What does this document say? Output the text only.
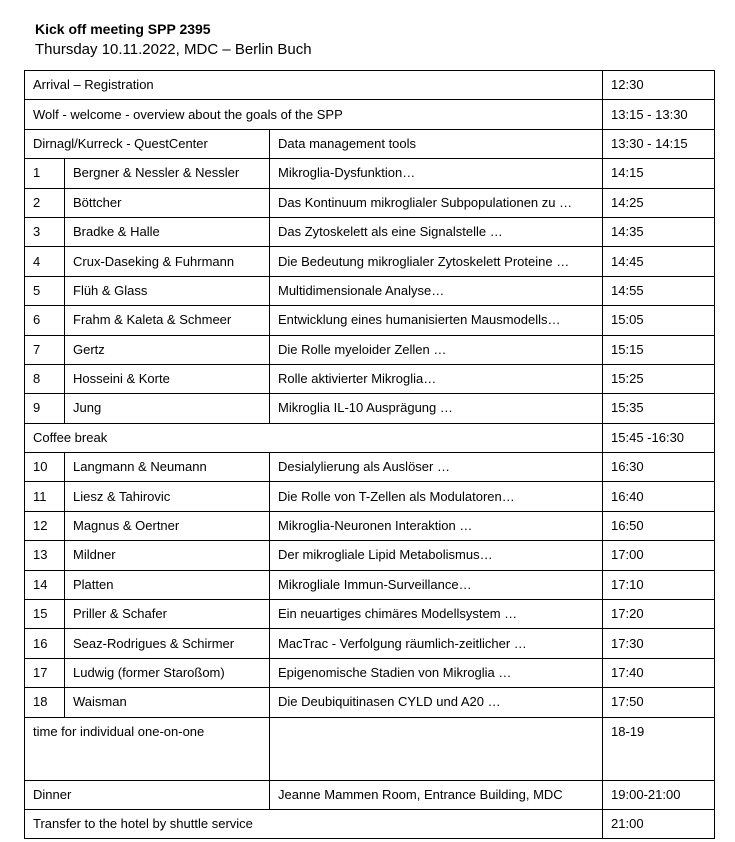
Kick off meeting SPP 2395
Thursday 10.11.2022, MDC – Berlin Buch
Arrival – Registration			12:30
Wolf - welcome - overview about the goals of the SPP			13:15 - 13:30
Dirnagl/Kurreck - QuestCenter		Data management tools	13:30 - 14:15
1	Bergner & Nessler & Nessler	Mikroglia-Dysfunktion…	14:15
2	Böttcher	Das Kontinuum mikroglialer Subpopulationen zu …	14:25
3	Bradke & Halle	Das Zytoskelett als eine Signalstelle …	14:35
4	Crux-Daseking & Fuhrmann	Die Bedeutung mikroglialer Zytoskelett Proteine …	14:45
5	Flüh & Glass	Multidimensionale Analyse…	14:55
6	Frahm & Kaleta & Schmeer	Entwicklung eines humanisierten Mausmodells…	15:05
7	Gertz	Die Rolle myeloider Zellen …	15:15
8	Hosseini & Korte	Rolle aktivierter Mikroglia…	15:25
9	Jung	Mikroglia IL-10 Ausprägung …	15:35
Coffee break			15:45 -16:30
10	Langmann & Neumann	Desialylierung als Auslöser …	16:30
11	Liesz & Tahirovic	Die Rolle von T-Zellen als Modulatoren…	16:40
12	Magnus & Oertner	Mikroglia-Neuronen Interaktion …	16:50
13	Mildner	Der mikrogliale Lipid Metabolismus…	17:00
14	Platten	Mikrogliale Immun-Surveillance…	17:10
15	Priller & Schafer	Ein neuartiges chimäres Modellsystem …	17:20
16	Seaz-Rodrigues & Schirmer	MacTrac - Verfolgung räumlich-zeitlicher …	17:30
17	Ludwig (former Staroßom)	Epigenomische Stadien von Mikroglia …	17:40
18	Waisman	Die Deubiquitinasen CYLD und A20 …	17:50
time for individual one-on-one			18-19
Dinner		Jeanne Mammen Room, Entrance Building, MDC	19:00-21:00
Transfer to the hotel by shuttle service			21:00
